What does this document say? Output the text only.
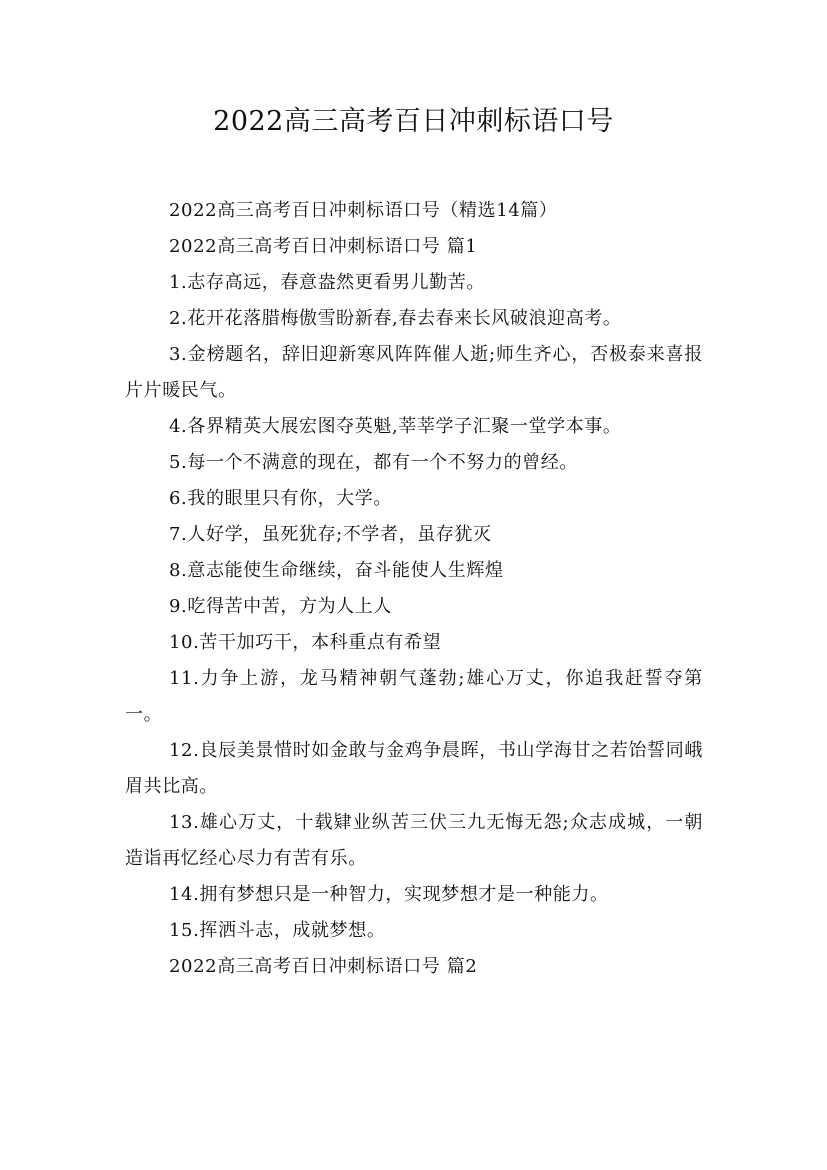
2022高三高考百日冲刺标语口号

2022高三高考百日冲刺标语口号（精选14篇）

2022高三高考百日冲刺标语口号 篇1

1.志存高远，春意盎然更看男儿勤苦。

2.花开花落腊梅傲雪盼新春,春去春来长风破浪迎高考。

3.金榜题名，辞旧迎新寒风阵阵催人逝;师生齐心，否极泰来喜报片片暖民气。

4.各界精英大展宏图夺英魁,莘莘学子汇聚一堂学本事。

5.每一个不满意的现在，都有一个不努力的曾经。

6.我的眼里只有你，大学。

7.人好学，虽死犹存;不学者，虽存犹灭

8.意志能使生命继续，奋斗能使人生辉煌

9.吃得苦中苦，方为人上人

10.苦干加巧干，本科重点有希望

11.力争上游，龙马精神朝气蓬勃;雄心万丈，你追我赶誓夺第一。

12.良辰美景惜时如金敢与金鸡争晨晖，书山学海甘之若饴誓同峨眉共比高。

13.雄心万丈，十载肄业纵苦三伏三九无悔无怨;众志成城，一朝造诣再忆经心尽力有苦有乐。

14.拥有梦想只是一种智力，实现梦想才是一种能力。

15.挥洒斗志，成就梦想。

2022高三高考百日冲刺标语口号 篇2
